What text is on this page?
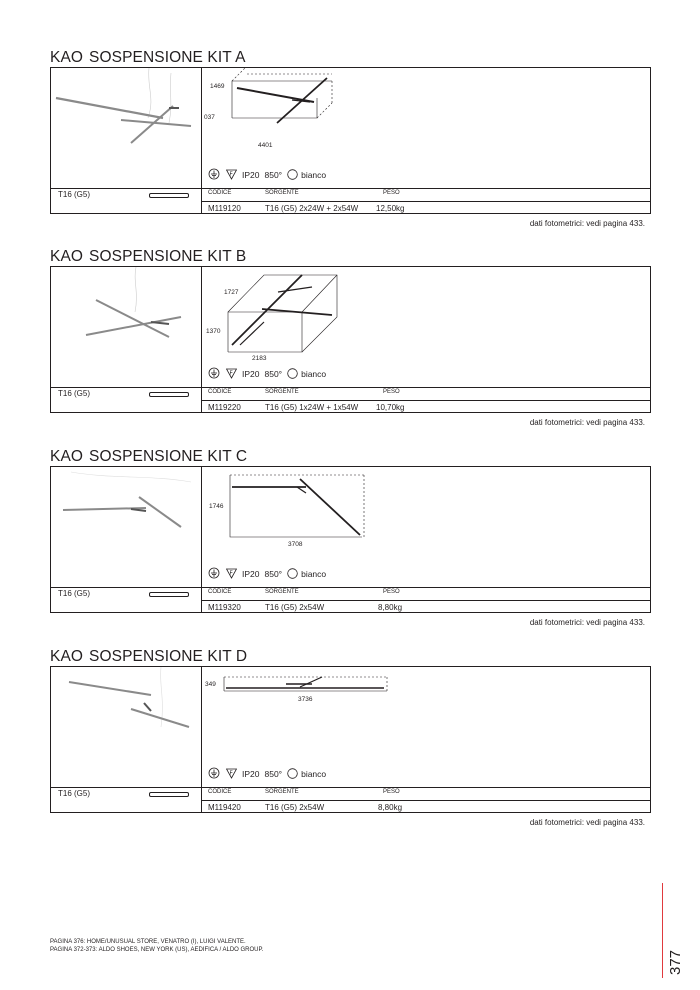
KAO SOSPENSIONE KIT A
1469
037
4401
F IP20 850° bianco
T16 (G5)	CODICE	SORGENTE	PESO
M119120	T16 (G5) 2x24W + 2x54W 12,50kg
dati fotometrici: vedi pagina 433.
KAO SOSPENSIONE KIT B
1727
1370
2183
F IP20 850° bianco
T16 (G5)	CODICE	SORGENTE	PESO
M119220	T16 (G5) 1x24W + 1x54W 10,70kg
dati fotometrici: vedi pagina 433.
KAO SOSPENSIONE KIT C
1746
3708
F IP20 850° bianco
T16 (G5)	CODICE	SORGENTE	PESO
M119320	T16 (G5) 2x54W	8,80kg
dati fotometrici: vedi pagina 433.
KAO SOSPENSIONE KIT D
349
3736
F IP20 850° bianco
T16 (G5)	CODICE	SORGENTE	PESO
M119420	T16 (G5) 2x54W	8,80kg
dati fotometrici: vedi pagina 433.
PAGINA 376: HOME/UNUSUAL STORE, VENATRO (I), LUIGI VALENTE.
PAGINA 372-373: ALDO SHOES, NEW YORK (US), AEDIFICA / ALDO GROUP.	377
